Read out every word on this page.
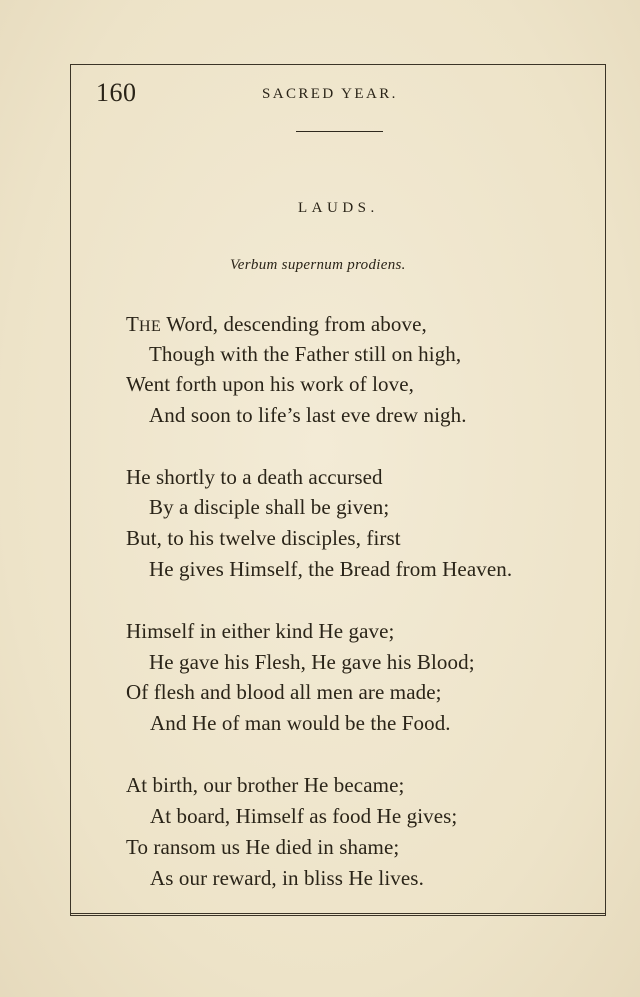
160	SACRED YEAR.
LAUDS.
Verbum supernum prodiens.
THE Word, descending from above,
Though with the Father still on high,
Went forth upon his work of love,
And soon to life’s last eve drew nigh.
He shortly to a death accursed
By a disciple shall be given;
But, to his twelve disciples, first
He gives Himself, the Bread from Heaven.
Himself in either kind He gave;
He gave his Flesh, He gave his Blood;
Of flesh and blood all men are made;
And He of man would be the Food.
At birth, our brother He became;
At board, Himself as food He gives;
To ransom us He died in shame;
As our reward, in bliss He lives.
